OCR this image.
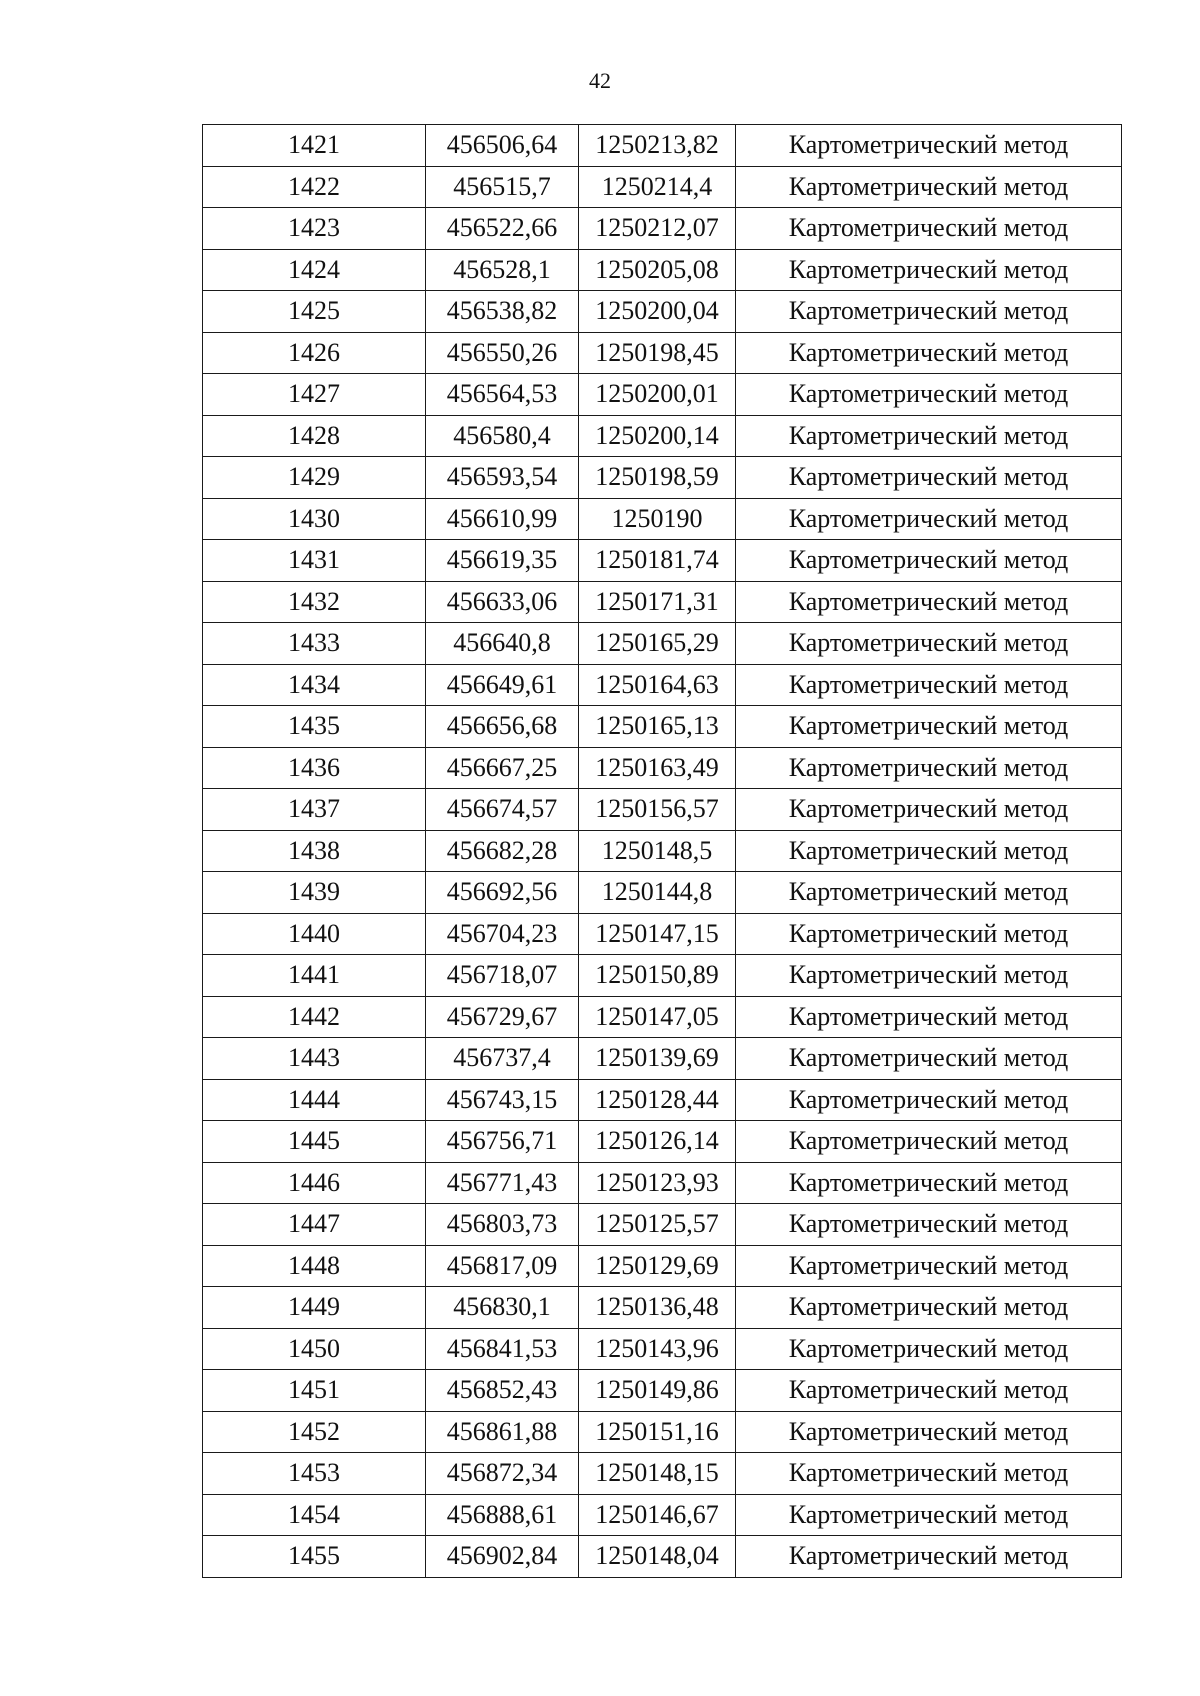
42
1421	456506,64	1250213,82	Картометрический метод
1422	456515,7	1250214,4	Картометрический метод
1423	456522,66	1250212,07	Картометрический метод
1424	456528,1	1250205,08	Картометрический метод
1425	456538,82	1250200,04	Картометрический метод
1426	456550,26	1250198,45	Картометрический метод
1427	456564,53	1250200,01	Картометрический метод
1428	456580,4	1250200,14	Картометрический метод
1429	456593,54	1250198,59	Картометрический метод
1430	456610,99	1250190	Картометрический метод
1431	456619,35	1250181,74	Картометрический метод
1432	456633,06	1250171,31	Картометрический метод
1433	456640,8	1250165,29	Картометрический метод
1434	456649,61	1250164,63	Картометрический метод
1435	456656,68	1250165,13	Картометрический метод
1436	456667,25	1250163,49	Картометрический метод
1437	456674,57	1250156,57	Картометрический метод
1438	456682,28	1250148,5	Картометрический метод
1439	456692,56	1250144,8	Картометрический метод
1440	456704,23	1250147,15	Картометрический метод
1441	456718,07	1250150,89	Картометрический метод
1442	456729,67	1250147,05	Картометрический метод
1443	456737,4	1250139,69	Картометрический метод
1444	456743,15	1250128,44	Картометрический метод
1445	456756,71	1250126,14	Картометрический метод
1446	456771,43	1250123,93	Картометрический метод
1447	456803,73	1250125,57	Картометрический метод
1448	456817,09	1250129,69	Картометрический метод
1449	456830,1	1250136,48	Картометрический метод
1450	456841,53	1250143,96	Картометрический метод
1451	456852,43	1250149,86	Картометрический метод
1452	456861,88	1250151,16	Картометрический метод
1453	456872,34	1250148,15	Картометрический метод
1454	456888,61	1250146,67	Картометрический метод
1455	456902,84	1250148,04	Картометрический метод
